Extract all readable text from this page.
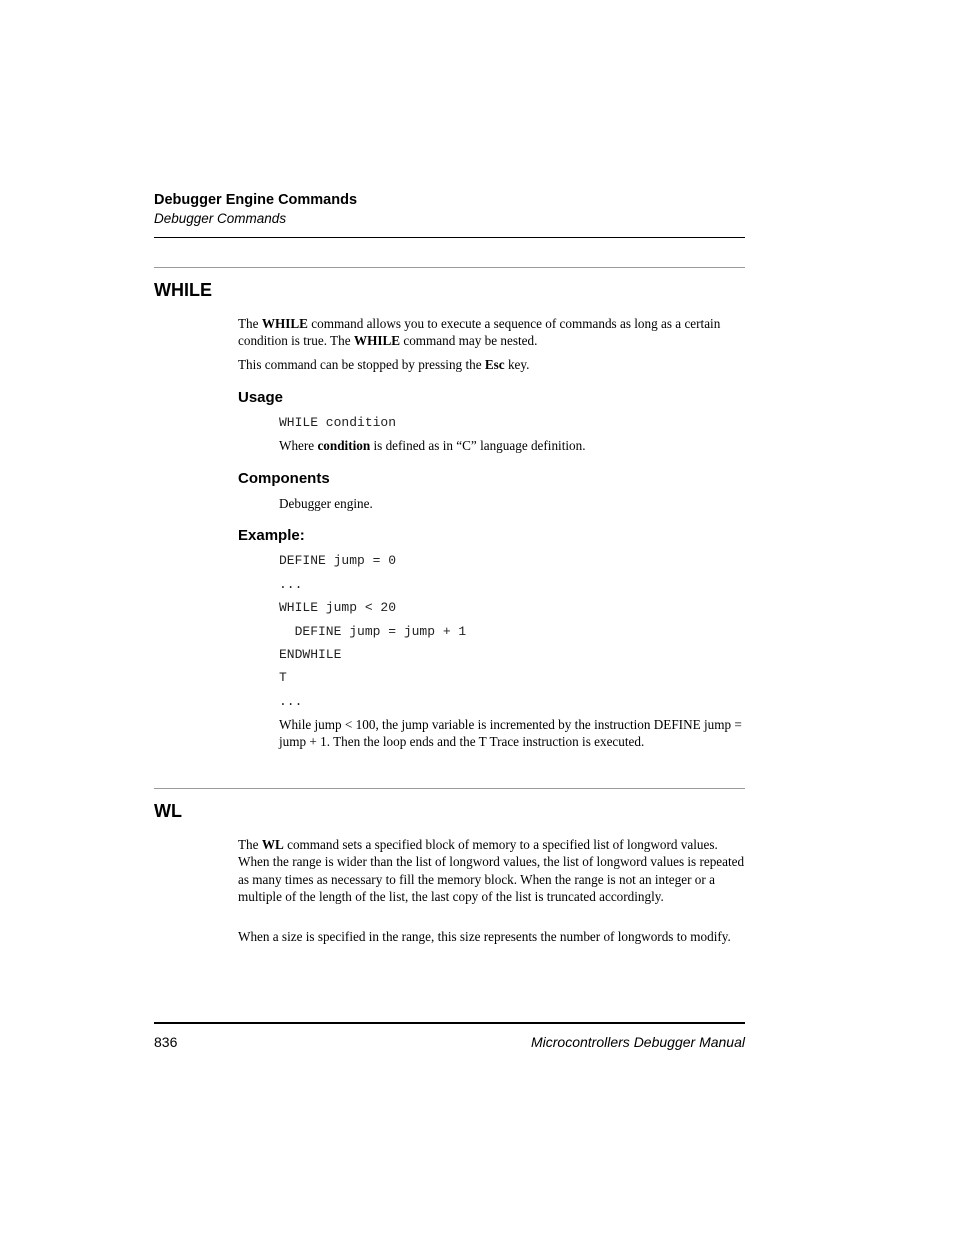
Debugger Engine Commands
Debugger Commands
WHILE
The WHILE command allows you to execute a sequence of commands as long as a certain condition is true. The WHILE command may be nested.
This command can be stopped by pressing the Esc key.
Usage
WHILE condition
Where condition is defined as in “C” language definition.
Components
Debugger engine.
Example:
DEFINE jump = 0
...
WHILE jump < 20
DEFINE jump = jump + 1
ENDWHILE
T
...
While jump < 100, the jump variable is incremented by the instruction DEFINE jump = jump + 1. Then the loop ends and the T Trace instruction is executed.
WL
The WL command sets a specified block of memory to a specified list of longword values. When the range is wider than the list of longword values, the list of longword values is repeated as many times as necessary to fill the memory block. When the range is not an integer or a multiple of the length of the list, the last copy of the list is truncated accordingly.
When a size is specified in the range, this size represents the number of longwords to modify.
836	Microcontrollers Debugger Manual
